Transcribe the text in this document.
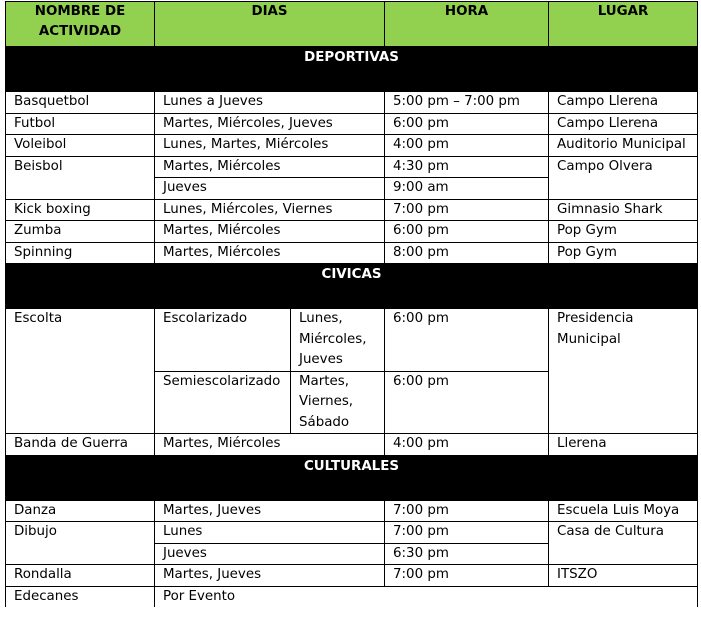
NOMBRE DE ACTIVIDAD	DIAS		HORA	LUGAR
DEPORTIVAS				
Basquetbol	Lunes a Jueves		5:00 pm – 7:00 pm	Campo Llerena
Futbol	Martes, Miércoles, Jueves		6:00 pm	Campo Llerena
Voleibol	Lunes, Martes, Miércoles		4:00 pm	Auditorio Municipal
Beisbol	Martes, Miércoles		4:30 pm	Campo Olvera
	Jueves		9:00 am	
Kick boxing	Lunes, Miércoles, Viernes		7:00 pm	Gimnasio Shark
Zumba	Martes, Miércoles		6:00 pm	Pop Gym
Spinning	Martes, Miércoles		8:00 pm	Pop Gym
CIVICAS				
Escolta	Escolarizado	Lunes, Miércoles, Jueves	6:00 pm	Presidencia Municipal
	Semiescolarizado	Martes, Viernes, Sábado	6:00 pm	
Banda de Guerra	Martes, Miércoles		4:00 pm	Llerena
CULTURALES				
Danza	Martes, Jueves		7:00 pm	Escuela Luis Moya
Dibujo	Lunes		7:00 pm	Casa de Cultura
	Jueves		6:30 pm	
Rondalla	Martes, Jueves		7:00 pm	ITSZO
Edecanes	Por Evento			
